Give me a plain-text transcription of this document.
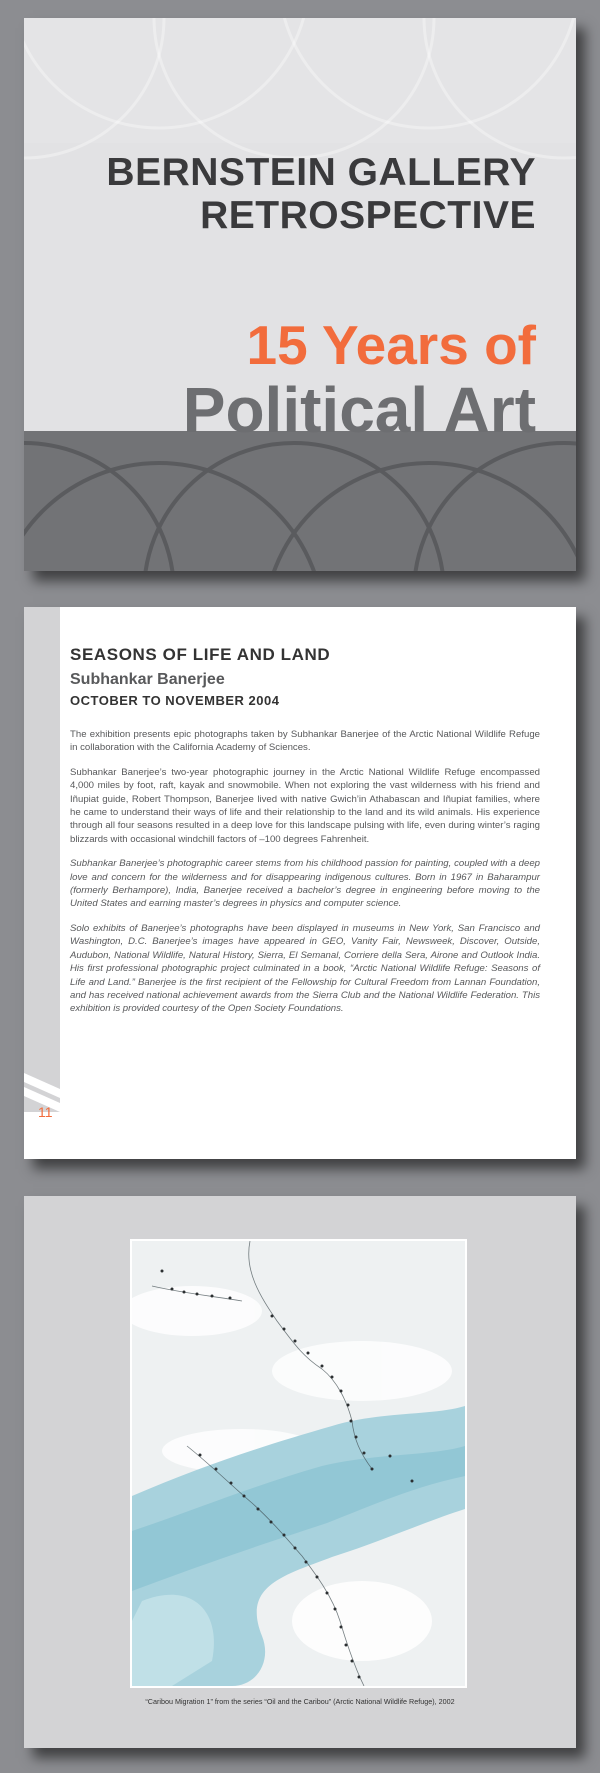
BERNSTEIN GALLERY
RETROSPECTIVE
15 Years of
Political Art
11
SEASONS OF LIFE AND LAND
Subhankar Banerjee
OCTOBER TO NOVEMBER 2004

The exhibition presents epic photographs taken by Subhankar Banerjee of the Arctic National Wildlife Refuge in collaboration with the California Academy of Sciences.

Subhankar Banerjee’s two-year photographic journey in the Arctic National Wildlife Refuge encompassed 4,000 miles by foot, raft, kayak and snowmobile. When not exploring the vast wilderness with his friend and Iñupiat guide, Robert Thompson, Banerjee lived with native Gwich’in Athabascan and Iñupiat families, where he came to understand their ways of life and their relationship to the land and its wild animals. His experience through all four seasons resulted in a deep love for this landscape pulsing with life, even during winter’s raging blizzards with occasional windchill factors of –100 degrees Fahrenheit.

Subhankar Banerjee’s photographic career stems from his childhood passion for painting, coupled with a deep love and concern for the wilderness and for disappearing indigenous cultures. Born in 1967 in Baharampur (formerly Berhampore), India, Banerjee received a bachelor’s degree in engineering before moving to the United States and earning master’s degrees in physics and computer science.

Solo exhibits of Banerjee’s photographs have been displayed in museums in New York, San Francisco and Washington, D.C. Banerjee’s images have appeared in GEO, Vanity Fair, Newsweek, Discover, Outside, Audubon, National Wildlife, Natural History, Sierra, El Semanal, Corriere della Sera, Airone and Outlook India. His first professional photographic project culminated in a book, “Arctic National Wildlife Refuge: Seasons of Life and Land.” Banerjee is the first recipient of the Fellowship for Cultural Freedom from Lannan Foundation, and has received national achievement awards from the Sierra Club and the National Wildlife Federation. This exhibition is provided courtesy of the Open Society Foundations.

“Caribou Migration 1” from the series “Oil and the Caribou” (Arctic National Wildlife Refuge), 2002
